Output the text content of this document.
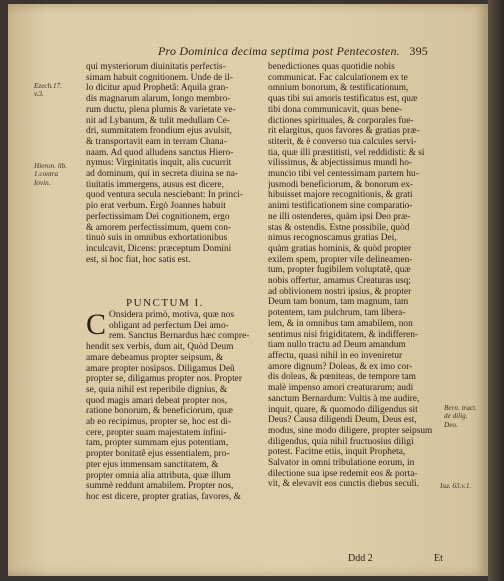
Pro Dominica decima septima post Pentecosten. 395
Ezech.17.
v.3.
Hieron. lib.
1.contra
Iovin.
Bern. tract.
de dilig.
Deo.
Isa. 63.v.1.
qui mysteriorum diuinitatis perfectis-
simam habuit cognitionem. Unde de il-
lo dicitur apud Prophetã: Aquila gran-
dis magnarum alarum, longo membro-
rum ductu, plena plumis & varietate ve-
nit ad Lybanum, & tulit medullam Ce-
dri, summitatem frondium ejus avulsit,
& transportavit eam in terram Chana-
naam. Ad quod alludens sanctus Hiero-
nymus: Virginitatis inquit, alis cucurrit
ad dominum, qui in secreta diuina se na-
tiuitatis immergens, ausus est dicere,
quod ventura secula nesciebant: In princi-
pio erat verbum. Ergò Joannes habuit
perfectissimam Dei cognitionem, ergo
& amorem perfectissimum, quem con-
tinuò suis in omnibus exhortationibus
inculcavit, Dicens: præceptum Domini
est, si hoc fiat, hoc satis est.
PUNCTUM I.
C Onsidera primò, motiva, quæ nos
obligant ad perfectum Dei amo-
rem. Sanctus Bernardus hæc compre-
hendit sex verbis, dum ait, Quòd Deum
amare debeamus propter seipsum, &
amare propter nosipsos. Diligamus Deũ
propter se, diligamus propter nos. Propter
se, quia nihil est reperibile dignius, &
quod magis amari debeat propter nos,
ratione bonorum, & beneficiorum, quæ
ab eo recipimus, propter se, hoc est di-
cere, propter suam majestatem infini-
tam, propter summam ejus potentiam,
propter bonitatẽ ejus essentialem, pro-
pter ejus immensam sanctitatem, &
propter omnia alia attributa, quæ illum
summè reddunt amabilem. Propter nos,
hoc est dicere, propter gratias, favores, &
benedictiones quas quotidie nobis
communicat. Fac calculationem ex te
omnium bonorum, & testificationum,
quas tibi sui amoris testificatus est, quæ
tibi dona communicavit, quas bene-
dictiones spirituales, & corporales fue-
rit elargitus, quos favores & gratias præ-
stiterit, & è converso tua calcules servi-
tia, quæ illi præstitisti, vel reddidisti: & si
vilissimus, & abjectissimus mundi ho-
muncio tibi vel centessimam partem hu-
jusmodi beneficiorum, & bonorum ex-
hibuisset majore recognitionis, & grati
animi testificationem sine comparatio-
ne illi ostenderes, quàm ipsi Deo præ-
stas & ostendis. Estne possibile, quòd
nimus recognoscamus gratias Dei,
quàm gratias hominis, & quòd propter
exilem spem, propter vile delineamen-
tum, propter fugibilem voluptatẽ, quæ
nobis offertur, amamus Creaturas usq;
ad oblivionem nostri ipsius, & propter
Deum tam bonum, tam magnum, tam
potentem, tam pulchrum, tam libera-
lem, & in omnibus tam amabilem, non
sentimus nisi frigiditatem, & indifferen-
tiam nullo tractu ad Deum amandum
affectu, quasi nihil in eo inveniretur
amore dignum? Doleas, & ex imo cor-
dis doleas, & pœniteas, de tempore tam
malè impenso amori creaturarum; audi
sanctum Bernardum: Vultis à me audire,
inquit, quare, & quomodo diligendus sit
Deus? Causa diligendi Deum, Deus est,
modus, sine modo diligere, propter seipsum
diligendus, quia nihil fructuosius diligi
potest. Facitne etiis, inquit Propheta,
Salvator in omni tribulatione eorum, in
dilectione sua ipse redemit eos & porta-
vit, & elevavit eos cunctis diebus seculi.
Ddd 2	Et
